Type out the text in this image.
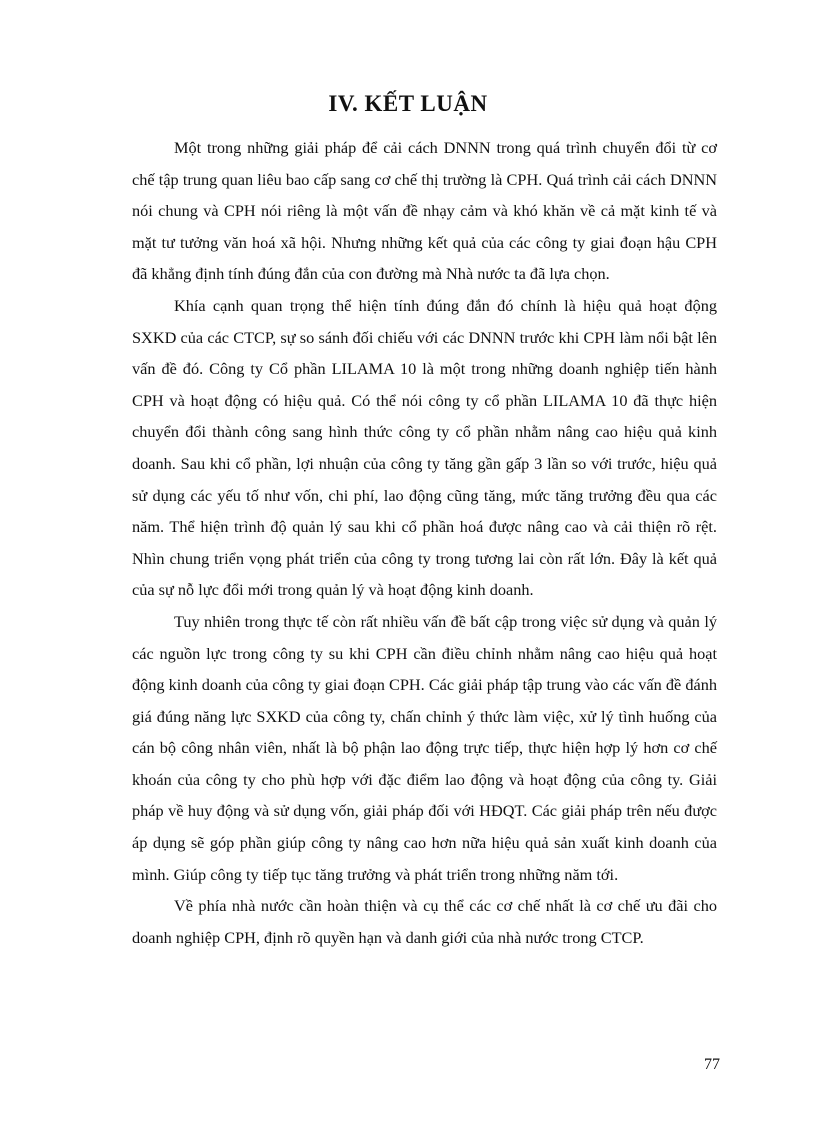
IV. KẾT LUẬN

Một trong những giải pháp để cải cách DNNN trong quá trình chuyển đổi từ cơ chế tập trung quan liêu bao cấp sang cơ chế thị trường là CPH. Quá trình cải cách DNNN nói chung và CPH nói riêng là một vấn đề nhạy cảm và khó khăn về cả mặt kinh tế và mặt tư tưởng văn hoá xã hội. Nhưng những kết quả của các công ty giai đoạn hậu CPH đã khẳng định tính đúng đắn của con đường mà Nhà nước ta đã lựa chọn.

Khía cạnh quan trọng thể hiện tính đúng đắn đó chính là hiệu quả hoạt động SXKD của các CTCP, sự so sánh đối chiếu với các DNNN trước khi CPH làm nổi bật lên vấn đề đó. Công ty Cổ phần LILAMA 10 là một trong những doanh nghiệp tiến hành CPH và hoạt động có hiệu quả. Có thể nói công ty cổ phần LILAMA 10 đã thực hiện chuyển đổi thành công sang hình thức công ty cổ phần nhằm nâng cao hiệu quả kinh doanh. Sau khi cổ phần, lợi nhuận của công ty tăng gần gấp 3 lần so với trước, hiệu quả sử dụng các yếu tố như vốn, chi phí, lao động cũng tăng, mức tăng trưởng đều qua các năm. Thể hiện trình độ quản lý sau khi cổ phần hoá được nâng cao và cải thiện rõ rệt. Nhìn chung triển vọng phát triển của công ty trong tương lai còn rất lớn. Đây là kết quả của sự nỗ lực đổi mới trong quản lý và hoạt động kinh doanh.

Tuy nhiên trong thực tế còn rất nhiều vấn đề bất cập trong việc sử dụng và quản lý các nguồn lực trong công ty su khi CPH cần điều chỉnh nhằm nâng cao hiệu quả hoạt động kinh doanh của công ty giai đoạn CPH. Các giải pháp tập trung vào các vấn đề đánh giá đúng năng lực SXKD của công ty, chấn chỉnh ý thức làm việc, xử lý tình huống của cán bộ công nhân viên, nhất là bộ phận lao động trực tiếp, thực hiện hợp lý hơn cơ chế khoán của công ty cho phù hợp với đặc điểm lao động và hoạt động của công ty. Giải pháp về huy động và sử dụng vốn, giải pháp đối với HĐQT. Các giải pháp trên nếu được áp dụng sẽ góp phần giúp công ty nâng cao hơn nữa hiệu quả sản xuất kinh doanh của mình. Giúp công ty tiếp tục tăng trưởng và phát triển trong những năm tới.

Về phía nhà nước cần hoàn thiện và cụ thể các cơ chế nhất là cơ chế ưu đãi cho doanh nghiệp CPH, định rõ quyền hạn và danh giới của nhà nước trong CTCP.

77
